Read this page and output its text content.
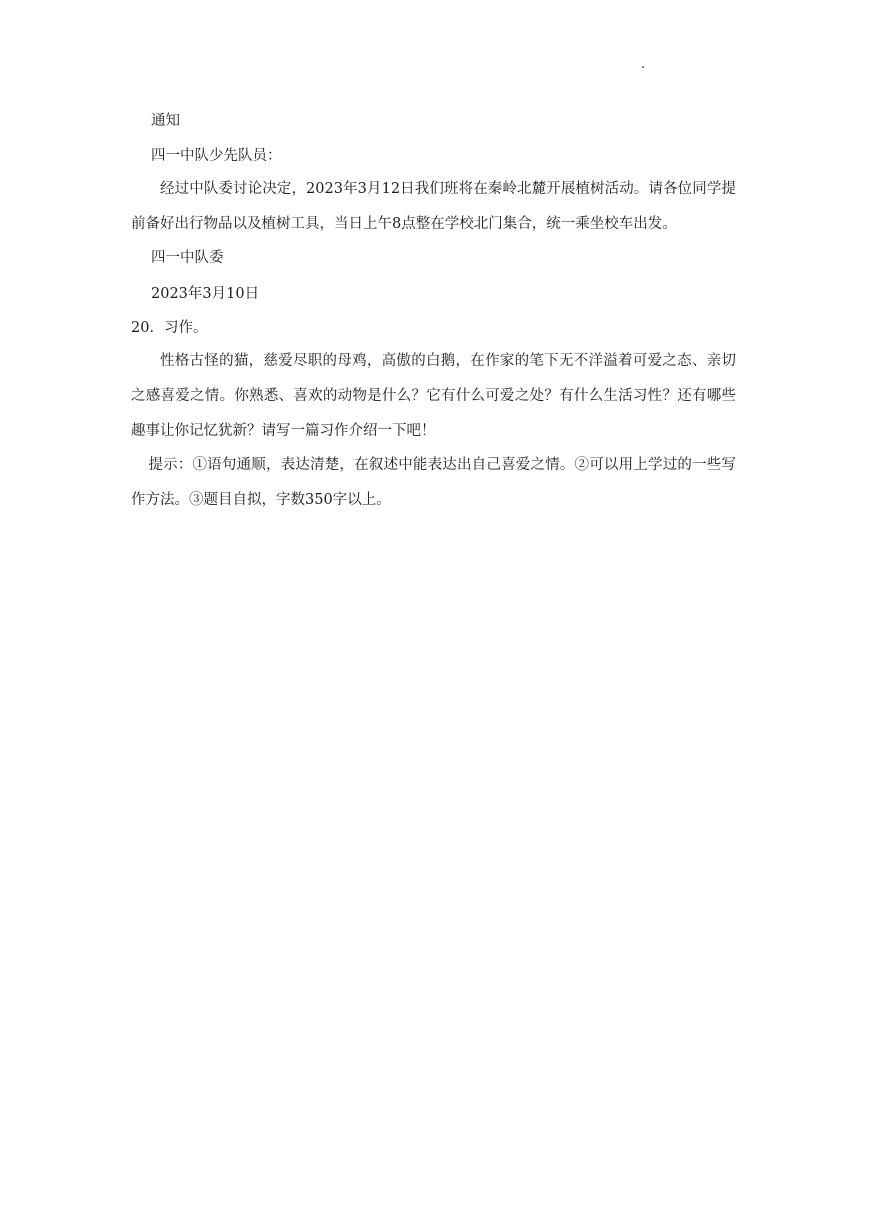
通知
四一中队少先队员：
经过中队委讨论决定，2023年3月12日我们班将在秦岭北麓开展植树活动。请各位同学提前备好出行物品以及植树工具，当日上午8点整在学校北门集合，统一乘坐校车出发。
四一中队委
2023年3月10日
20．习作。
性格古怪的猫，慈爱尽职的母鸡，高傲的白鹅，在作家的笔下无不洋溢着可爱之态、亲切之感喜爱之情。你熟悉、喜欢的动物是什么？它有什么可爱之处？有什么生活习性？还有哪些趣事让你记忆犹新？请写一篇习作介绍一下吧！
提示：①语句通顺，表达清楚，在叙述中能表达出自己喜爱之情。②可以用上学过的一些写作方法。③题目自拟，字数350字以上。
